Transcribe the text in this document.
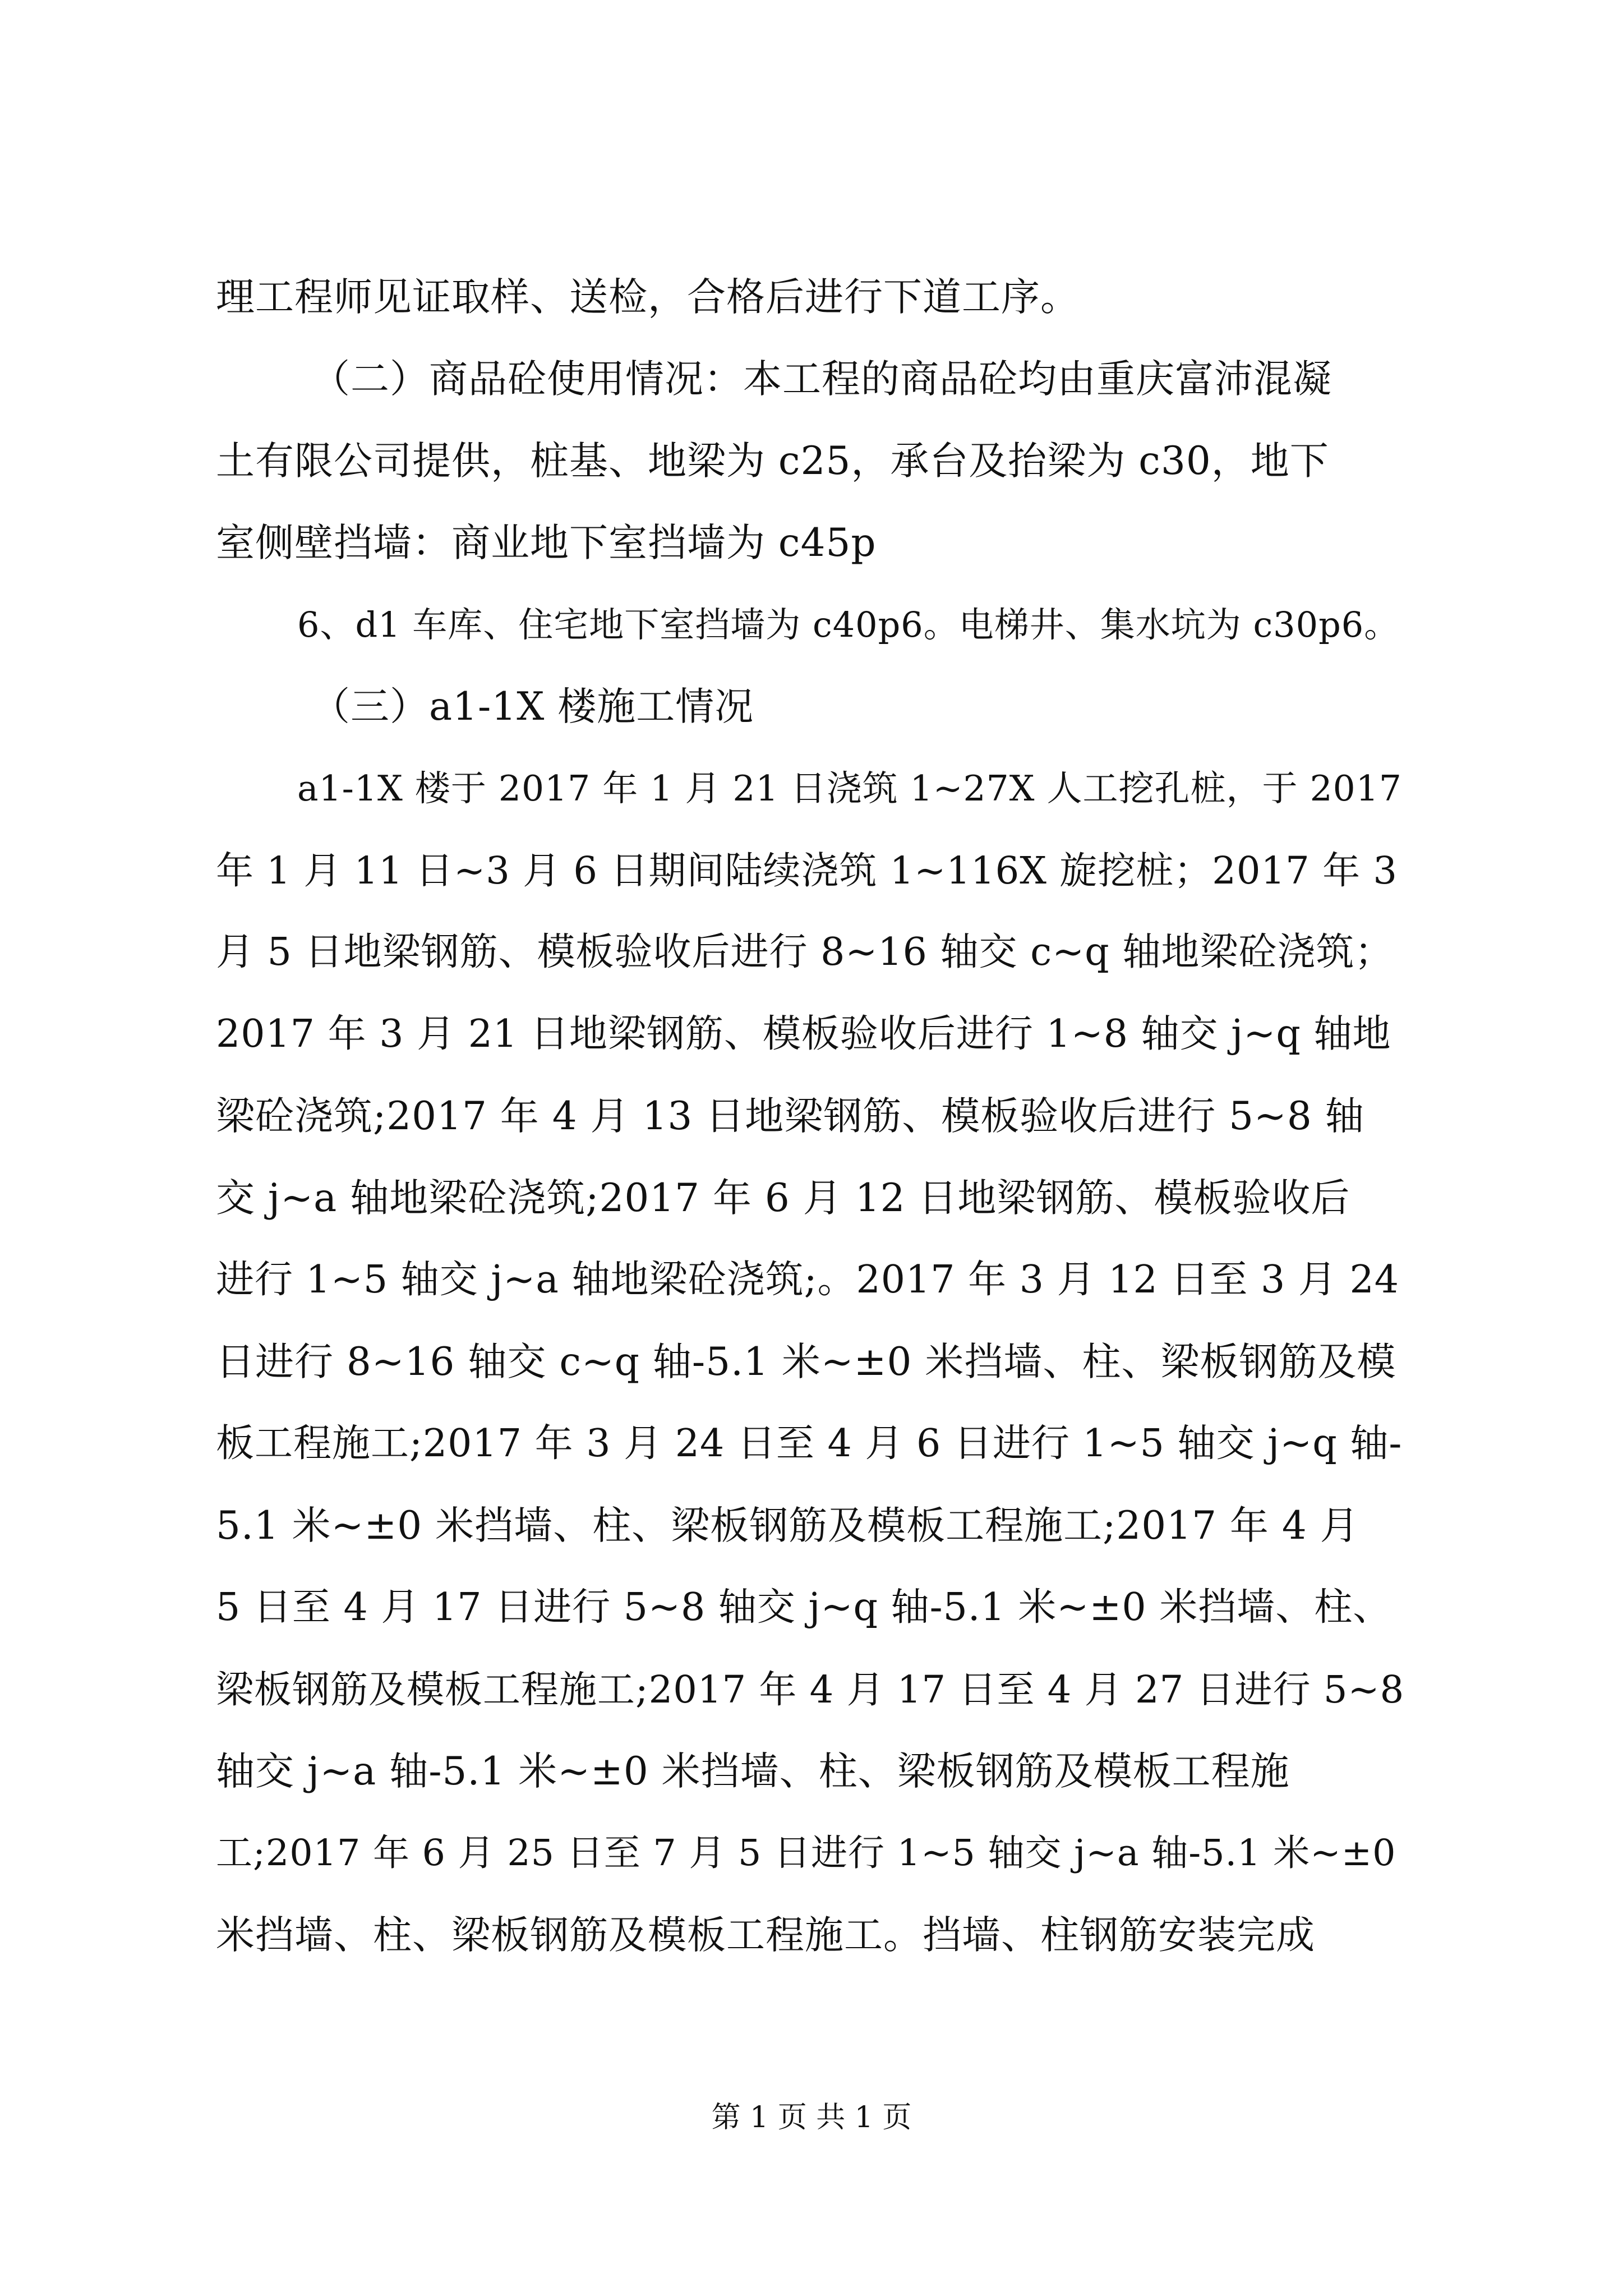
理工程师见证取样、送检，合格后进行下道工序。
（二）商品砼使用情况：本工程的商品砼均由重庆富沛混凝
土有限公司提供，桩基、地梁为 c25，承台及抬梁为 c30，地下
室侧壁挡墙：商业地下室挡墙为 c45p
6、d1 车库、住宅地下室挡墙为 c40p6。电梯井、集水坑为 c30p6。
（三）a1-1X 楼施工情况
a1-1X 楼于 2017 年 1 月 21 日浇筑 1~27X 人工挖孔桩，于 2017
年 1 月 11 日~3 月 6 日期间陆续浇筑 1~116X 旋挖桩；2017 年 3
月 5 日地梁钢筋、模板验收后进行 8~16 轴交 c~q 轴地梁砼浇筑；
2017 年 3 月 21 日地梁钢筋、模板验收后进行 1~8 轴交 j~q 轴地
梁砼浇筑;2017 年 4 月 13 日地梁钢筋、模板验收后进行 5~8 轴
交 j~a 轴地梁砼浇筑;2017 年 6 月 12 日地梁钢筋、模板验收后
进行 1~5 轴交 j~a 轴地梁砼浇筑;。2017 年 3 月 12 日至 3 月 24
日进行 8~16 轴交 c~q 轴-5.1 米~±0 米挡墙、柱、梁板钢筋及模
板工程施工;2017 年 3 月 24 日至 4 月 6 日进行 1~5 轴交 j~q 轴-
5.1 米~±0 米挡墙、柱、梁板钢筋及模板工程施工;2017 年 4 月
5 日至 4 月 17 日进行 5~8 轴交 j~q 轴-5.1 米~±0 米挡墙、柱、
梁板钢筋及模板工程施工;2017 年 4 月 17 日至 4 月 27 日进行 5~8
轴交 j~a 轴-5.1 米~±0 米挡墙、柱、梁板钢筋及模板工程施
工;2017 年 6 月 25 日至 7 月 5 日进行 1~5 轴交 j~a 轴-5.1 米~±0
米挡墙、柱、梁板钢筋及模板工程施工。挡墙、柱钢筋安装完成
第 1 页 共 1 页
